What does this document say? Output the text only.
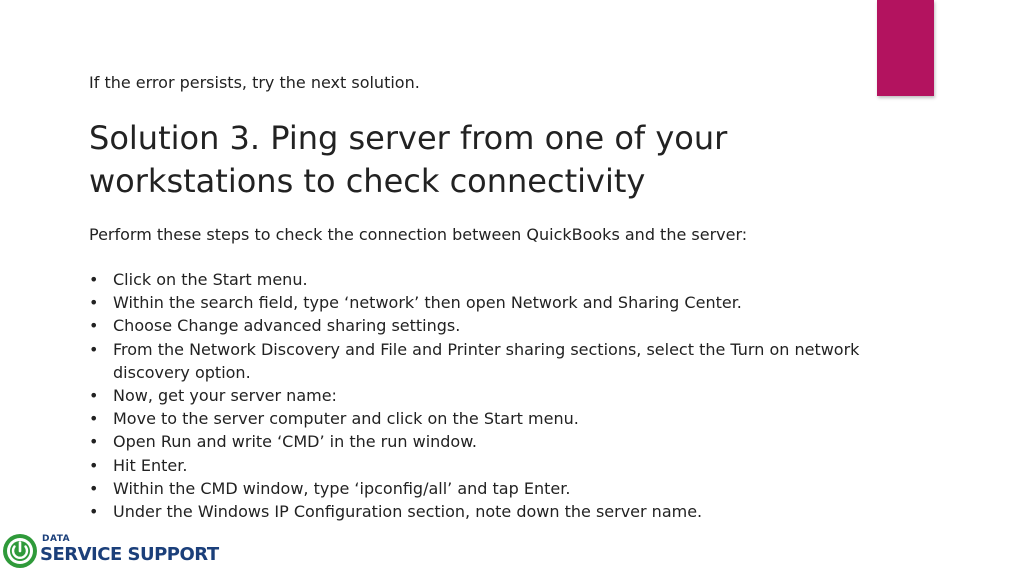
If the error persists, try the next solution.
Solution 3. Ping server from one of your workstations to check connectivity
Perform these steps to check the connection between QuickBooks and the server:
• Click on the Start menu.
• Within the search field, type ‘network’ then open Network and Sharing Center.
• Choose Change advanced sharing settings.
• From the Network Discovery and File and Printer sharing sections, select the Turn on network discovery option.
• Now, get your server name:
• Move to the server computer and click on the Start menu.
• Open Run and write ‘CMD’ in the run window.
• Hit Enter.
• Within the CMD window, type ‘ipconfig/all’ and tap Enter.
• Under the Windows IP Configuration section, note down the server name.
DATA
SERVICE SUPPORT
